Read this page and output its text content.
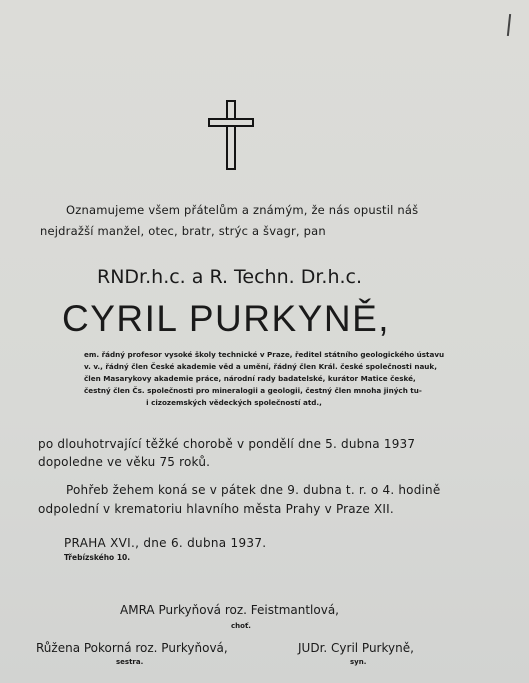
Oznamujeme všem přátelům a známým, že nás opustil náš
nejdražší manžel, otec, bratr, strýc a švagr, pan
RNDr.h.c. a R. Techn. Dr.h.c.
CYRIL PURKYNĚ,
em. řádný profesor vysoké školy technické v Praze, ředitel státního geologického ústavu
v. v., řádný člen České akademie věd a umění, řádný člen Král. české společnosti nauk,
člen Masarykovy akademie práce, národní rady badatelské, kurátor Matice české,
čestný člen Čs. společnosti pro mineralogii a geologii, čestný člen mnoha jiných tu-
i cizozemských vědeckých společností atd.,
po dlouhotrvající těžké chorobě v pondělí dne 5. dubna 1937
dopoledne ve věku 75 roků.
Pohřeb žehem koná se v pátek dne 9. dubna t. r. o 4. hodině
odpolední v krematoriu hlavního města Prahy v Praze XII.
PRAHA XVI., dne 6. dubna 1937.
Třebízského 10.
AMRA Purkyňová roz. Feistmantlová,
choť.
Růžena Pokorná roz. Purkyňová,
sestra.
JUDr. Cyril Purkyně,
syn.
